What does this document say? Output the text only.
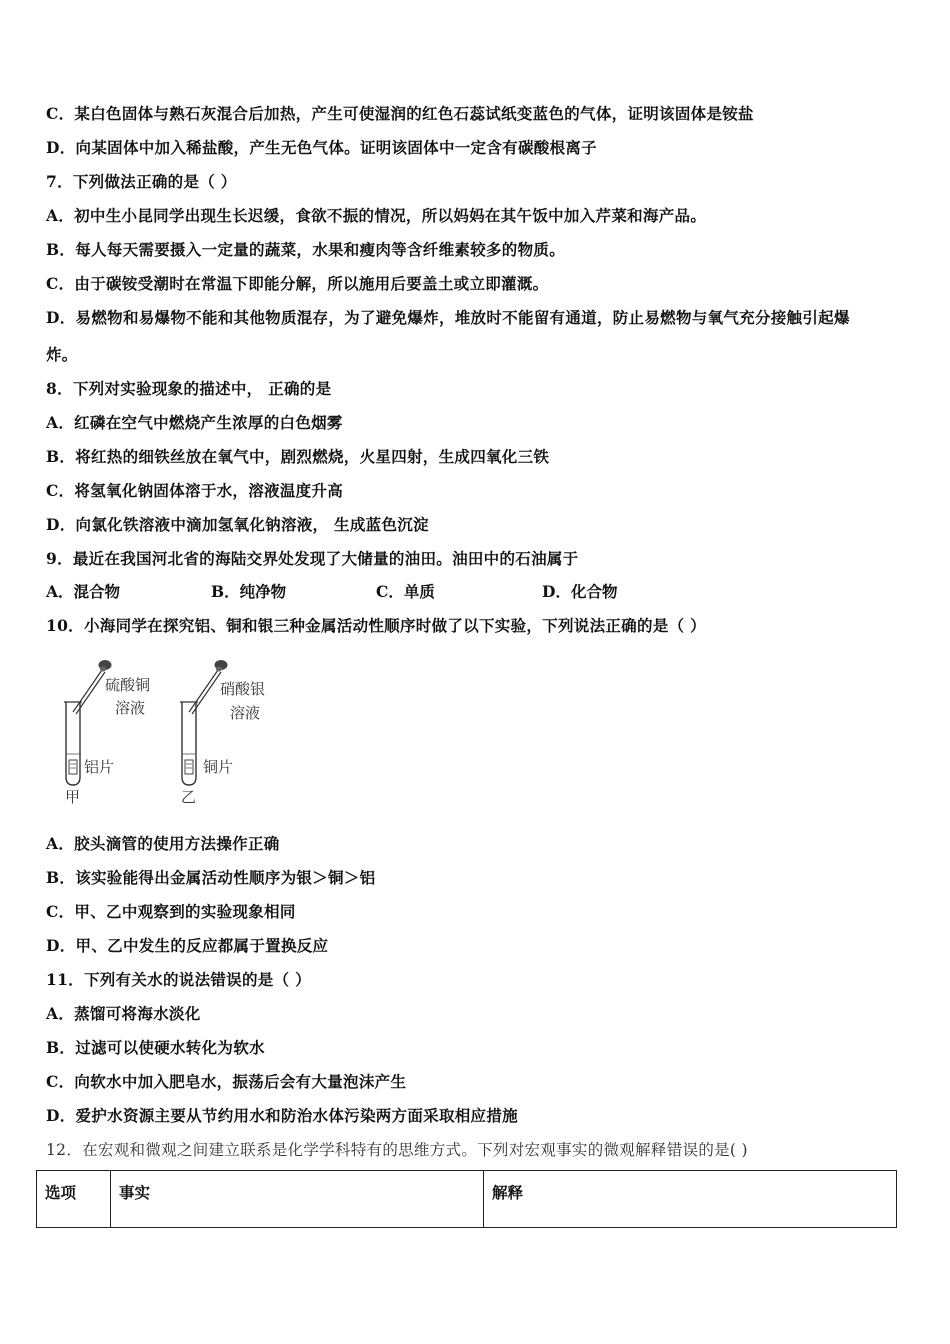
C．某白色固体与熟石灰混合后加热，产生可使湿润的红色石蕊试纸变蓝色的气体，证明该固体是铵盐
D．向某固体中加入稀盐酸，产生无色气体。证明该固体中一定含有碳酸根离子
7．下列做法正确的是（ ）
A．初中生小昆同学出现生长迟缓，食欲不振的情况，所以妈妈在其午饭中加入芹菜和海产品。
B．每人每天需要摄入一定量的蔬菜，水果和瘦肉等含纤维素较多的物质。
C．由于碳铵受潮时在常温下即能分解，所以施用后要盖土或立即灌溉。
D．易燃物和易爆物不能和其他物质混存，为了避免爆炸，堆放时不能留有通道，防止易燃物与氧气充分接触引起爆
炸。
8．下列对实验现象的描述中， 正确的是
A．红磷在空气中燃烧产生浓厚的白色烟雾
B．将红热的细铁丝放在氧气中，剧烈燃烧，火星四射，生成四氧化三铁
C．将氢氧化钠固体溶于水，溶液温度升高
D．向氯化铁溶液中滴加氢氧化钠溶液， 生成蓝色沉淀
9．最近在我国河北省的海陆交界处发现了大储量的油田。油田中的石油属于
A．混合物	B．纯净物	C．单质	D．化合物
10．小海同学在探究铝、铜和银三种金属活动性顺序时做了以下实验，下列说法正确的是（ ）
硫酸铜
溶液
铝片
甲
硝酸银
溶液
铜片
乙
A．胶头滴管的使用方法操作正确
B．该实验能得出金属活动性顺序为银＞铜＞铝
C．甲、乙中观察到的实验现象相同
D．甲、乙中发生的反应都属于置换反应
11．下列有关水的说法错误的是（ ）
A．蒸馏可将海水淡化
B．过滤可以使硬水转化为软水
C．向软水中加入肥皂水，振荡后会有大量泡沫产生
D．爱护水资源主要从节约用水和防治水体污染两方面采取相应措施
12．在宏观和微观之间建立联系是化学学科特有的思维方式。下列对宏观事实的微观解释错误的是( )
选项	事实	解释
